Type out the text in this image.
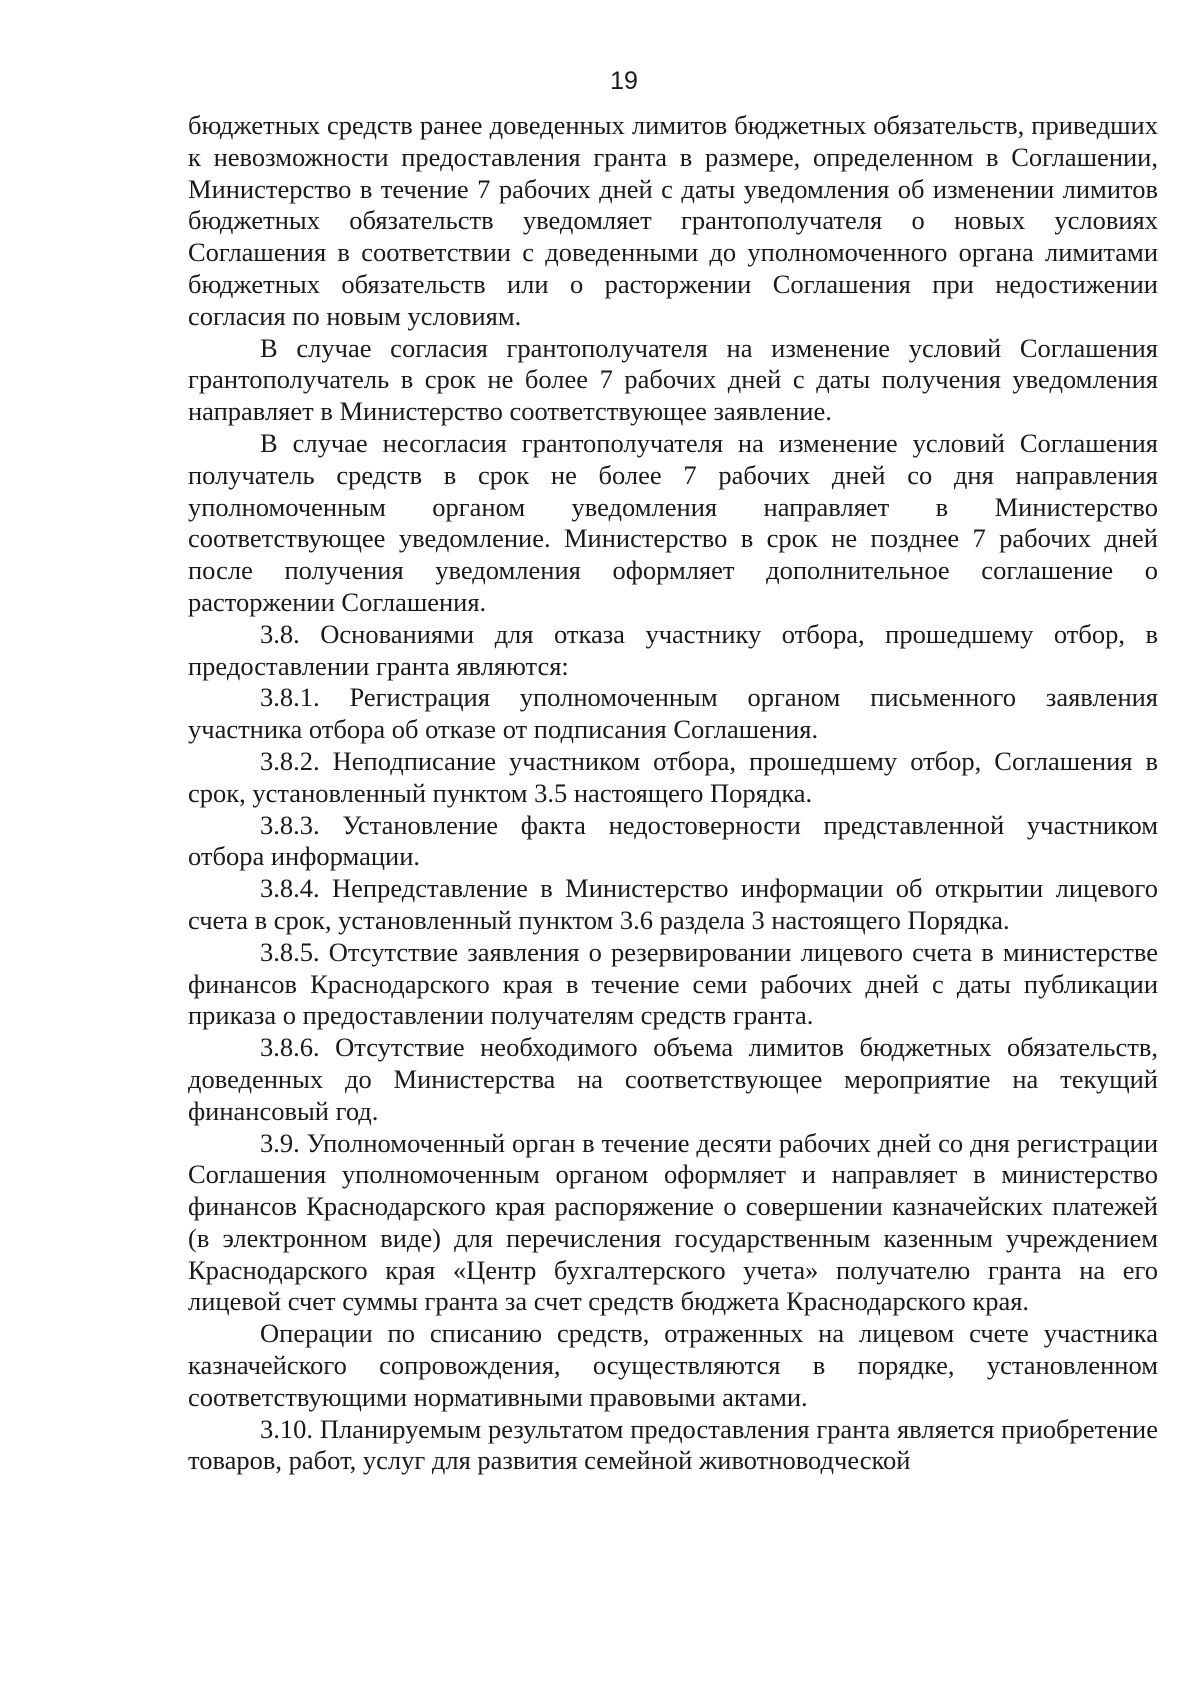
19

бюджетных средств ранее доведенных лимитов бюджетных обязательств, приведших к невозможности предоставления гранта в размере, определенном в Соглашении, Министерство в течение 7 рабочих дней с даты уведомления об изменении лимитов бюджетных обязательств уведомляет грантополучателя о новых условиях Соглашения в соответствии с доведенными до уполномоченного органа лимитами бюджетных обязательств или о расторжении Соглашения при недостижении согласия по новым условиям.

В случае согласия грантополучателя на изменение условий Соглашения грантополучатель в срок не более 7 рабочих дней с даты получения уведомления направляет в Министерство соответствующее заявление.

В случае несогласия грантополучателя на изменение условий Соглашения получатель средств в срок не более 7 рабочих дней со дня направления уполномоченным органом уведомления направляет в Министерство соответствующее уведомление. Министерство в срок не позднее 7 рабочих дней после получения уведомления оформляет дополнительное соглашение о расторжении Соглашения.

3.8. Основаниями для отказа участнику отбора, прошедшему отбор, в предоставлении гранта являются:

3.8.1. Регистрация уполномоченным органом письменного заявления участника отбора об отказе от подписания Соглашения.

3.8.2. Неподписание участником отбора, прошедшему отбор, Соглашения в срок, установленный пунктом 3.5 настоящего Порядка.

3.8.3. Установление факта недостоверности представленной участником отбора информации.

3.8.4. Непредставление в Министерство информации об открытии лицевого счета в срок, установленный пунктом 3.6 раздела 3 настоящего Порядка.

3.8.5. Отсутствие заявления о резервировании лицевого счета в министерстве финансов Краснодарского края в течение семи рабочих дней с даты публикации приказа о предоставлении получателям средств гранта.

3.8.6. Отсутствие необходимого объема лимитов бюджетных обязательств, доведенных до Министерства на соответствующее мероприятие на текущий финансовый год.

3.9. Уполномоченный орган в течение десяти рабочих дней со дня регистрации Соглашения уполномоченным органом оформляет и направляет в министерство финансов Краснодарского края распоряжение о совершении казначейских платежей (в электронном виде) для перечисления государственным казенным учреждением Краснодарского края «Центр бухгалтерского учета» получателю гранта на его лицевой счет суммы гранта за счет средств бюджета Краснодарского края.

Операции по списанию средств, отраженных на лицевом счете участника казначейского сопровождения, осуществляются в порядке, установленном соответствующими нормативными правовыми актами.

3.10. Планируемым результатом предоставления гранта является приобретение товаров, работ, услуг для развития семейной животноводческой
